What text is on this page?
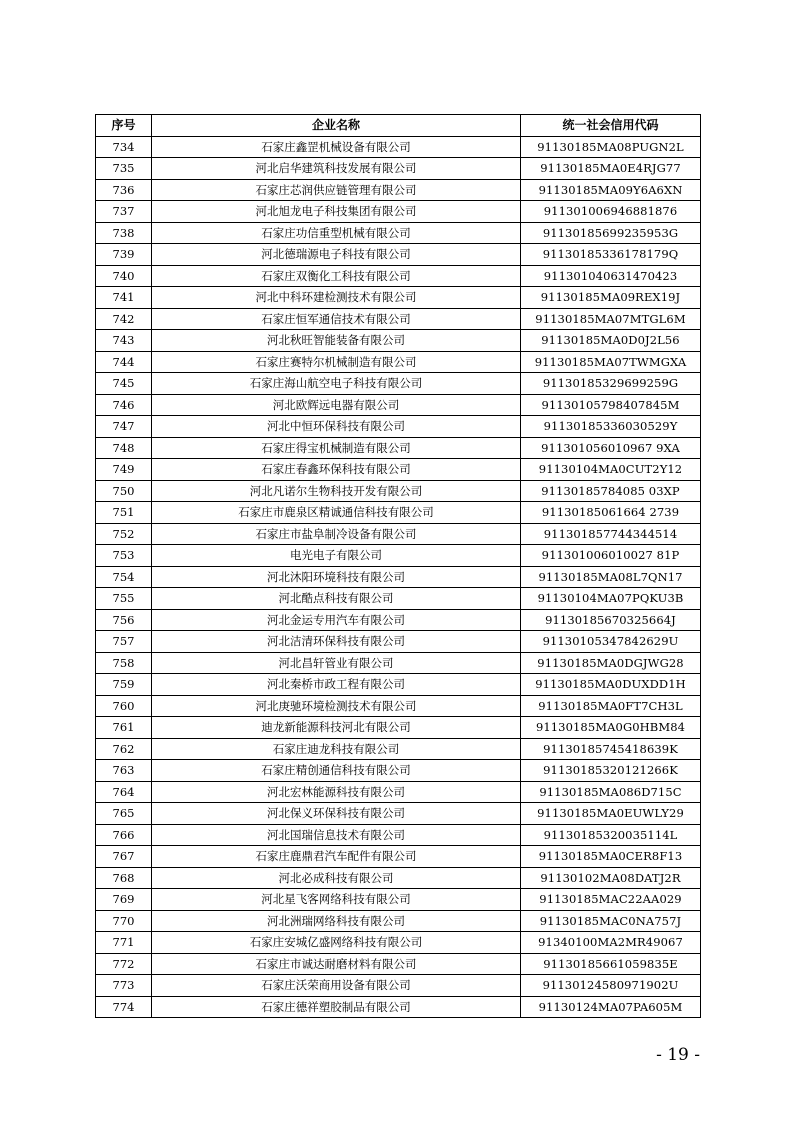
序号	企业名称	统一社会信用代码
734	石家庄鑫罡机械设备有限公司	91130185MA08PUGN2L
735	河北启华建筑科技发展有限公司	91130185MA0E4RJG77
736	石家庄芯润供应链管理有限公司	91130185MA09Y6A6XN
737	河北旭龙电子科技集团有限公司	911301006946881876
738	石家庄功信重型机械有限公司	91130185699235953G
739	河北德瑞源电子科技有限公司	91130185336178179Q
740	石家庄双衡化工科技有限公司	911301040631470423
741	河北中科环建检测技术有限公司	91130185MA09REX19J
742	石家庄恒军通信技术有限公司	91130185MA07MTGL6M
743	河北秋旺智能装备有限公司	91130185MA0D0J2L56
744	石家庄赛特尔机械制造有限公司	91130185MA07TWMGXA
745	石家庄海山航空电子科技有限公司	91130185329699259G
746	河北欧辉远电器有限公司	91130105798407845M
747	河北中恒环保科技有限公司	91130185336030529Y
748	石家庄得宝机械制造有限公司	911301056010967 9XA
749	石家庄春鑫环保科技有限公司	91130104MA0CUT2Y12
750	河北凡诺尔生物科技开发有限公司	91130185784085 03XP
751	石家庄市鹿泉区精诚通信科技有限公司	91130185061664 2739
752	石家庄市盐阜制冷设备有限公司	911301857744344514
753	电光电子有限公司	911301006010027 81P
754	河北沐阳环境科技有限公司	91130185MA08L7QN17
755	河北酷点科技有限公司	91130104MA07PQKU3B
756	河北金运专用汽车有限公司	91130185670325664J
757	河北洁清环保科技有限公司	91130105347842629U
758	河北昌轩管业有限公司	91130185MA0DGJWG28
759	河北秦桥市政工程有限公司	91130185MA0DUXDD1H
760	河北庚驰环境检测技术有限公司	91130185MA0FT7CH3L
761	迪龙新能源科技河北有限公司	91130185MA0G0HBM84
762	石家庄迪龙科技有限公司	91130185745418639K
763	石家庄精创通信科技有限公司	91130185320121266K
764	河北宏林能源科技有限公司	91130185MA086D715C
765	河北保义环保科技有限公司	91130185MA0EUWLY29
766	河北国瑞信息技术有限公司	91130185320035114L
767	石家庄鹿鼎君汽车配件有限公司	91130185MA0CER8F13
768	河北必成科技有限公司	91130102MA08DATJ2R
769	河北星飞客网络科技有限公司	91130185MAC22AA029
770	河北洲瑞网络科技有限公司	91130185MAC0NA757J
771	石家庄安城亿盛网络科技有限公司	91340100MA2MR49067
772	石家庄市诚达耐磨材料有限公司	91130185661059835E
773	石家庄沃荣商用设备有限公司	91130124580971902U
774	石家庄德祥塑胶制品有限公司	91130124MA07PA605M
- 19 -
